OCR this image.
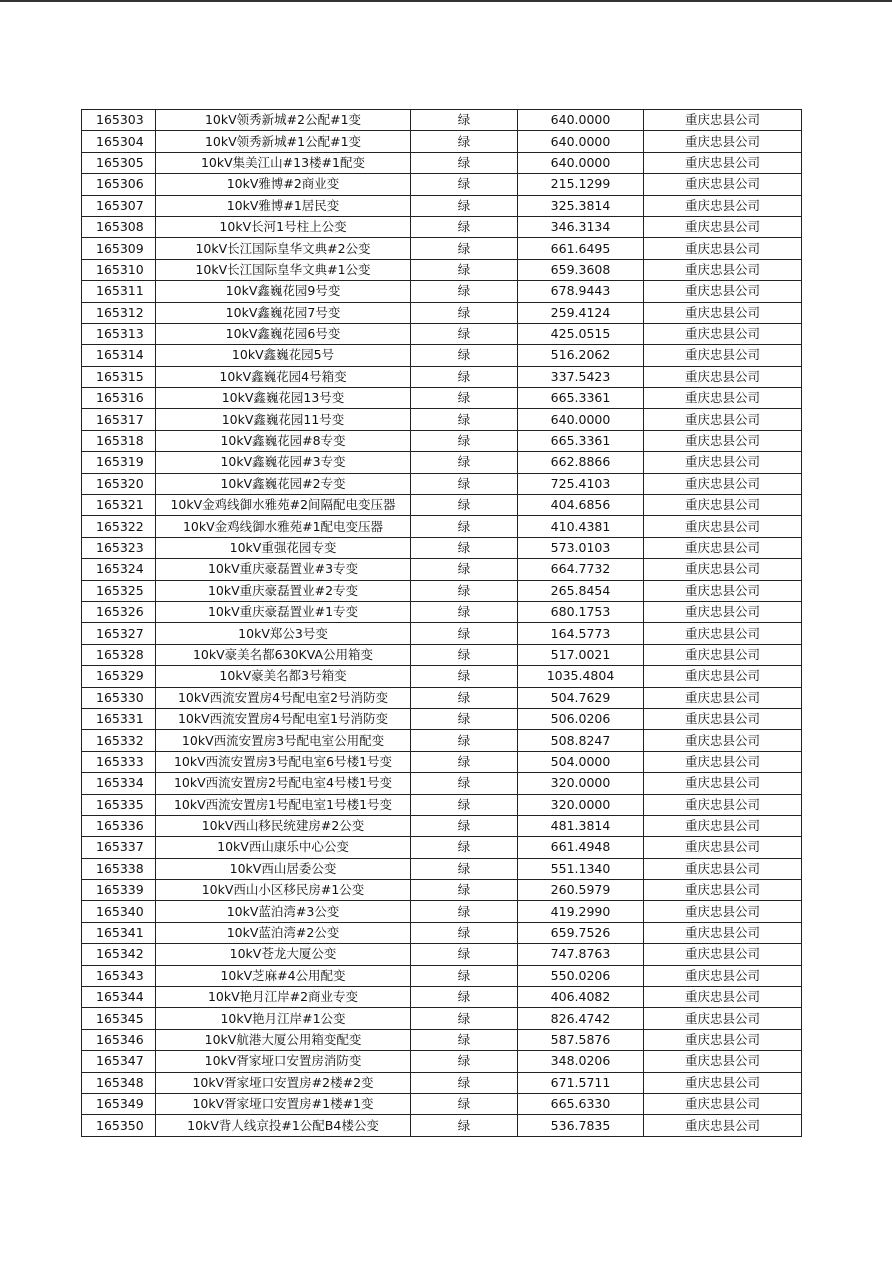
165303	10kV领秀新城#2公配#1变	绿	640.0000	重庆忠县公司
165304	10kV领秀新城#1公配#1变	绿	640.0000	重庆忠县公司
165305	10kV集美江山#13楼#1配变	绿	640.0000	重庆忠县公司
165306	10kV雅博#2商业变	绿	215.1299	重庆忠县公司
165307	10kV雅博#1居民变	绿	325.3814	重庆忠县公司
165308	10kV长河1号柱上公变	绿	346.3134	重庆忠县公司
165309	10kV长江国际皇华文典#2公变	绿	661.6495	重庆忠县公司
165310	10kV长江国际皇华文典#1公变	绿	659.3608	重庆忠县公司
165311	10kV鑫巍花园9号变	绿	678.9443	重庆忠县公司
165312	10kV鑫巍花园7号变	绿	259.4124	重庆忠县公司
165313	10kV鑫巍花园6号变	绿	425.0515	重庆忠县公司
165314	10kV鑫巍花园5号	绿	516.2062	重庆忠县公司
165315	10kV鑫巍花园4号箱变	绿	337.5423	重庆忠县公司
165316	10kV鑫巍花园13号变	绿	665.3361	重庆忠县公司
165317	10kV鑫巍花园11号变	绿	640.0000	重庆忠县公司
165318	10kV鑫巍花园#8专变	绿	665.3361	重庆忠县公司
165319	10kV鑫巍花园#3专变	绿	662.8866	重庆忠县公司
165320	10kV鑫巍花园#2专变	绿	725.4103	重庆忠县公司
165321	10kV金鸡线御水雅苑#2间隔配电变压器	绿	404.6856	重庆忠县公司
165322	10kV金鸡线御水雅苑#1配电变压器	绿	410.4381	重庆忠县公司
165323	10kV重强花园专变	绿	573.0103	重庆忠县公司
165324	10kV重庆豪磊置业#3专变	绿	664.7732	重庆忠县公司
165325	10kV重庆豪磊置业#2专变	绿	265.8454	重庆忠县公司
165326	10kV重庆豪磊置业#1专变	绿	680.1753	重庆忠县公司
165327	10kV郑公3号变	绿	164.5773	重庆忠县公司
165328	10kV豪美名都630KVA公用箱变	绿	517.0021	重庆忠县公司
165329	10kV豪美名都3号箱变	绿	1035.4804	重庆忠县公司
165330	10kV西流安置房4号配电室2号消防变	绿	504.7629	重庆忠县公司
165331	10kV西流安置房4号配电室1号消防变	绿	506.0206	重庆忠县公司
165332	10kV西流安置房3号配电室公用配变	绿	508.8247	重庆忠县公司
165333	10kV西流安置房3号配电室6号楼1号变	绿	504.0000	重庆忠县公司
165334	10kV西流安置房2号配电室4号楼1号变	绿	320.0000	重庆忠县公司
165335	10kV西流安置房1号配电室1号楼1号变	绿	320.0000	重庆忠县公司
165336	10kV西山移民统建房#2公变	绿	481.3814	重庆忠县公司
165337	10kV西山康乐中心公变	绿	661.4948	重庆忠县公司
165338	10kV西山居委公变	绿	551.1340	重庆忠县公司
165339	10kV西山小区移民房#1公变	绿	260.5979	重庆忠县公司
165340	10kV蓝泊湾#3公变	绿	419.2990	重庆忠县公司
165341	10kV蓝泊湾#2公变	绿	659.7526	重庆忠县公司
165342	10kV苍龙大厦公变	绿	747.8763	重庆忠县公司
165343	10kV芝麻#4公用配变	绿	550.0206	重庆忠县公司
165344	10kV艳月江岸#2商业专变	绿	406.4082	重庆忠县公司
165345	10kV艳月江岸#1公变	绿	826.4742	重庆忠县公司
165346	10kV航港大厦公用箱变配变	绿	587.5876	重庆忠县公司
165347	10kV胥家垭口安置房消防变	绿	348.0206	重庆忠县公司
165348	10kV胥家垭口安置房#2楼#2变	绿	671.5711	重庆忠县公司
165349	10kV胥家垭口安置房#1楼#1变	绿	665.6330	重庆忠县公司
165350	10kV背人线京投#1公配B4楼公变	绿	536.7835	重庆忠县公司
